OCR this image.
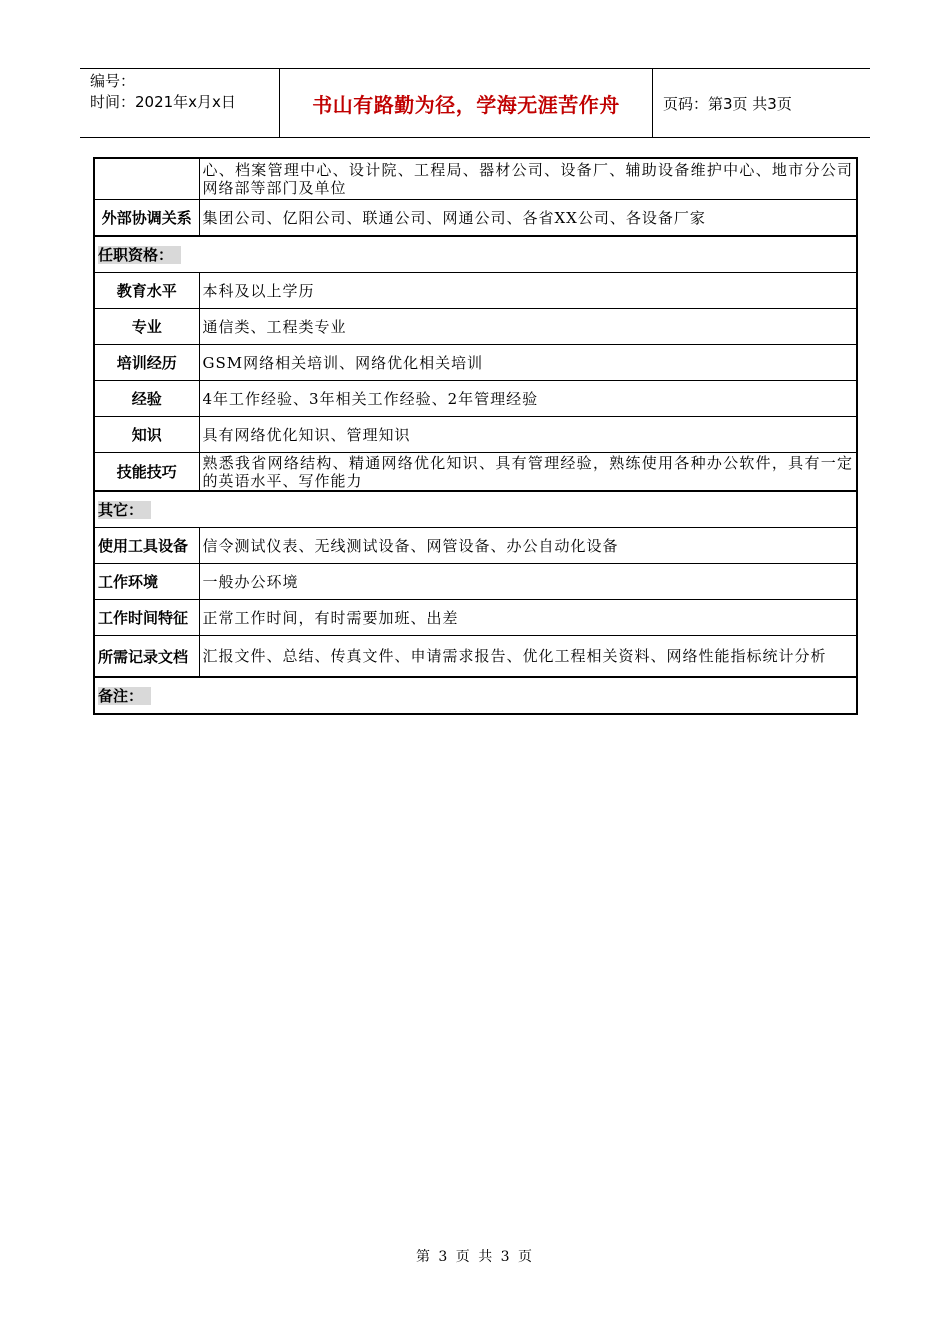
编号：
时间：2021年x月x日	书山有路勤为径，学海无涯苦作舟	页码：第3页 共3页
	心、档案管理中心、设计院、工程局、器材公司、设备厂、辅助设备维护中心、地市分公司网络部等部门及单位
外部协调关系	集团公司、亿阳公司、联通公司、网通公司、各省XX公司、各设备厂家
任职资格：	
教育水平	本科及以上学历
专业	通信类、工程类专业
培训经历	GSM网络相关培训、网络优化相关培训
经验	4年工作经验、3年相关工作经验、2年管理经验
知识	具有网络优化知识、管理知识
技能技巧	熟悉我省网络结构、精通网络优化知识、具有管理经验，熟练使用各种办公软件，具有一定的英语水平、写作能力
其它：	
使用工具设备	信令测试仪表、无线测试设备、网管设备、办公自动化设备
工作环境	一般办公环境
工作时间特征	正常工作时间，有时需要加班、出差
所需记录文档	汇报文件、总结、传真文件、申请需求报告、优化工程相关资料、网络性能指标统计分析
备注：	
第 3 页 共 3 页
